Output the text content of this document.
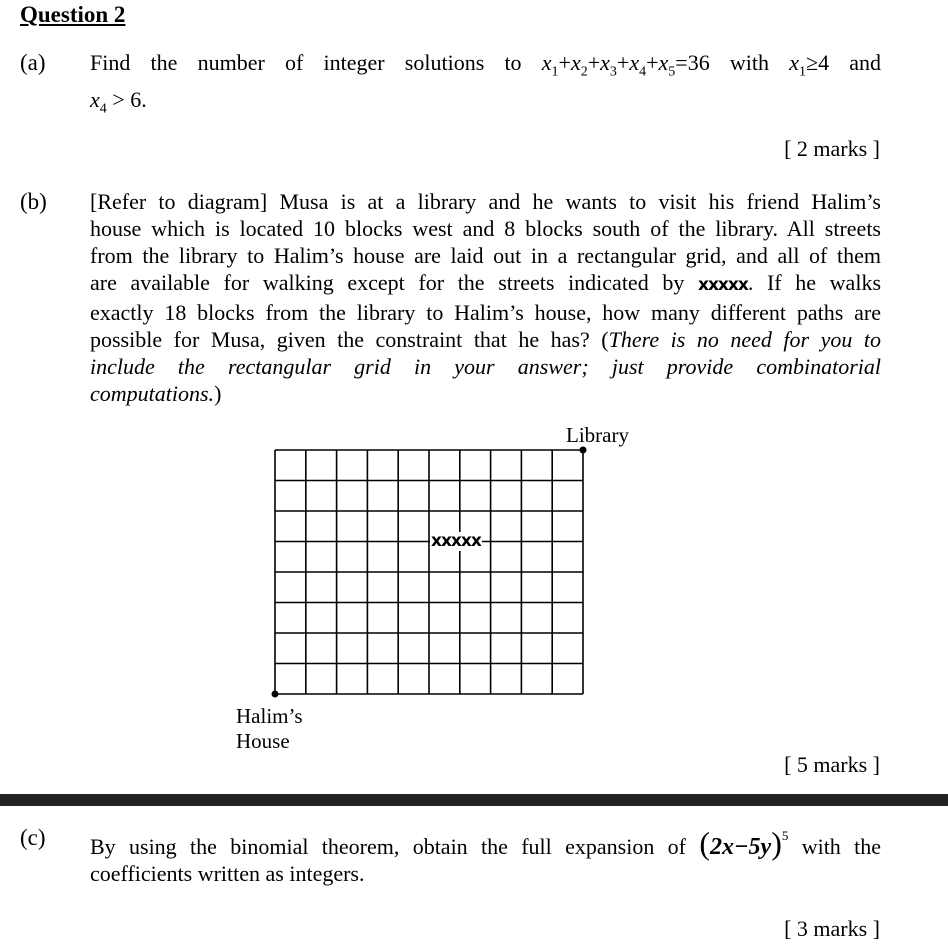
Question 2
(a) Find the number of integer solutions to $x_1+x_2+x_3+x_4+x_5=36$ with $x_1\ge 4$ and
$x_4 > 6$.
[ 2 marks ]
(b) [Refer to diagram] Musa is at a library and he wants to visit his friend Halim’s
house which is located 10 blocks west and 8 blocks south of the library. All streets
from the library to Halim’s house are laid out in a rectangular grid, and all of them
are available for walking except for the streets indicated by xxxxx. If he walks
exactly 18 blocks from the library to Halim’s house, how many different paths are
possible for Musa, given the constraint that he has? (There is no need for you to
include the rectangular grid in your answer; just provide combinatorial
computations.)
Library
xxxxx
Halim’s
House
[ 5 marks ]
(c) By using the binomial theorem, obtain the full expansion of $(2x-5y)^5$ with the
coefficients written as integers.
[ 3 marks ]
